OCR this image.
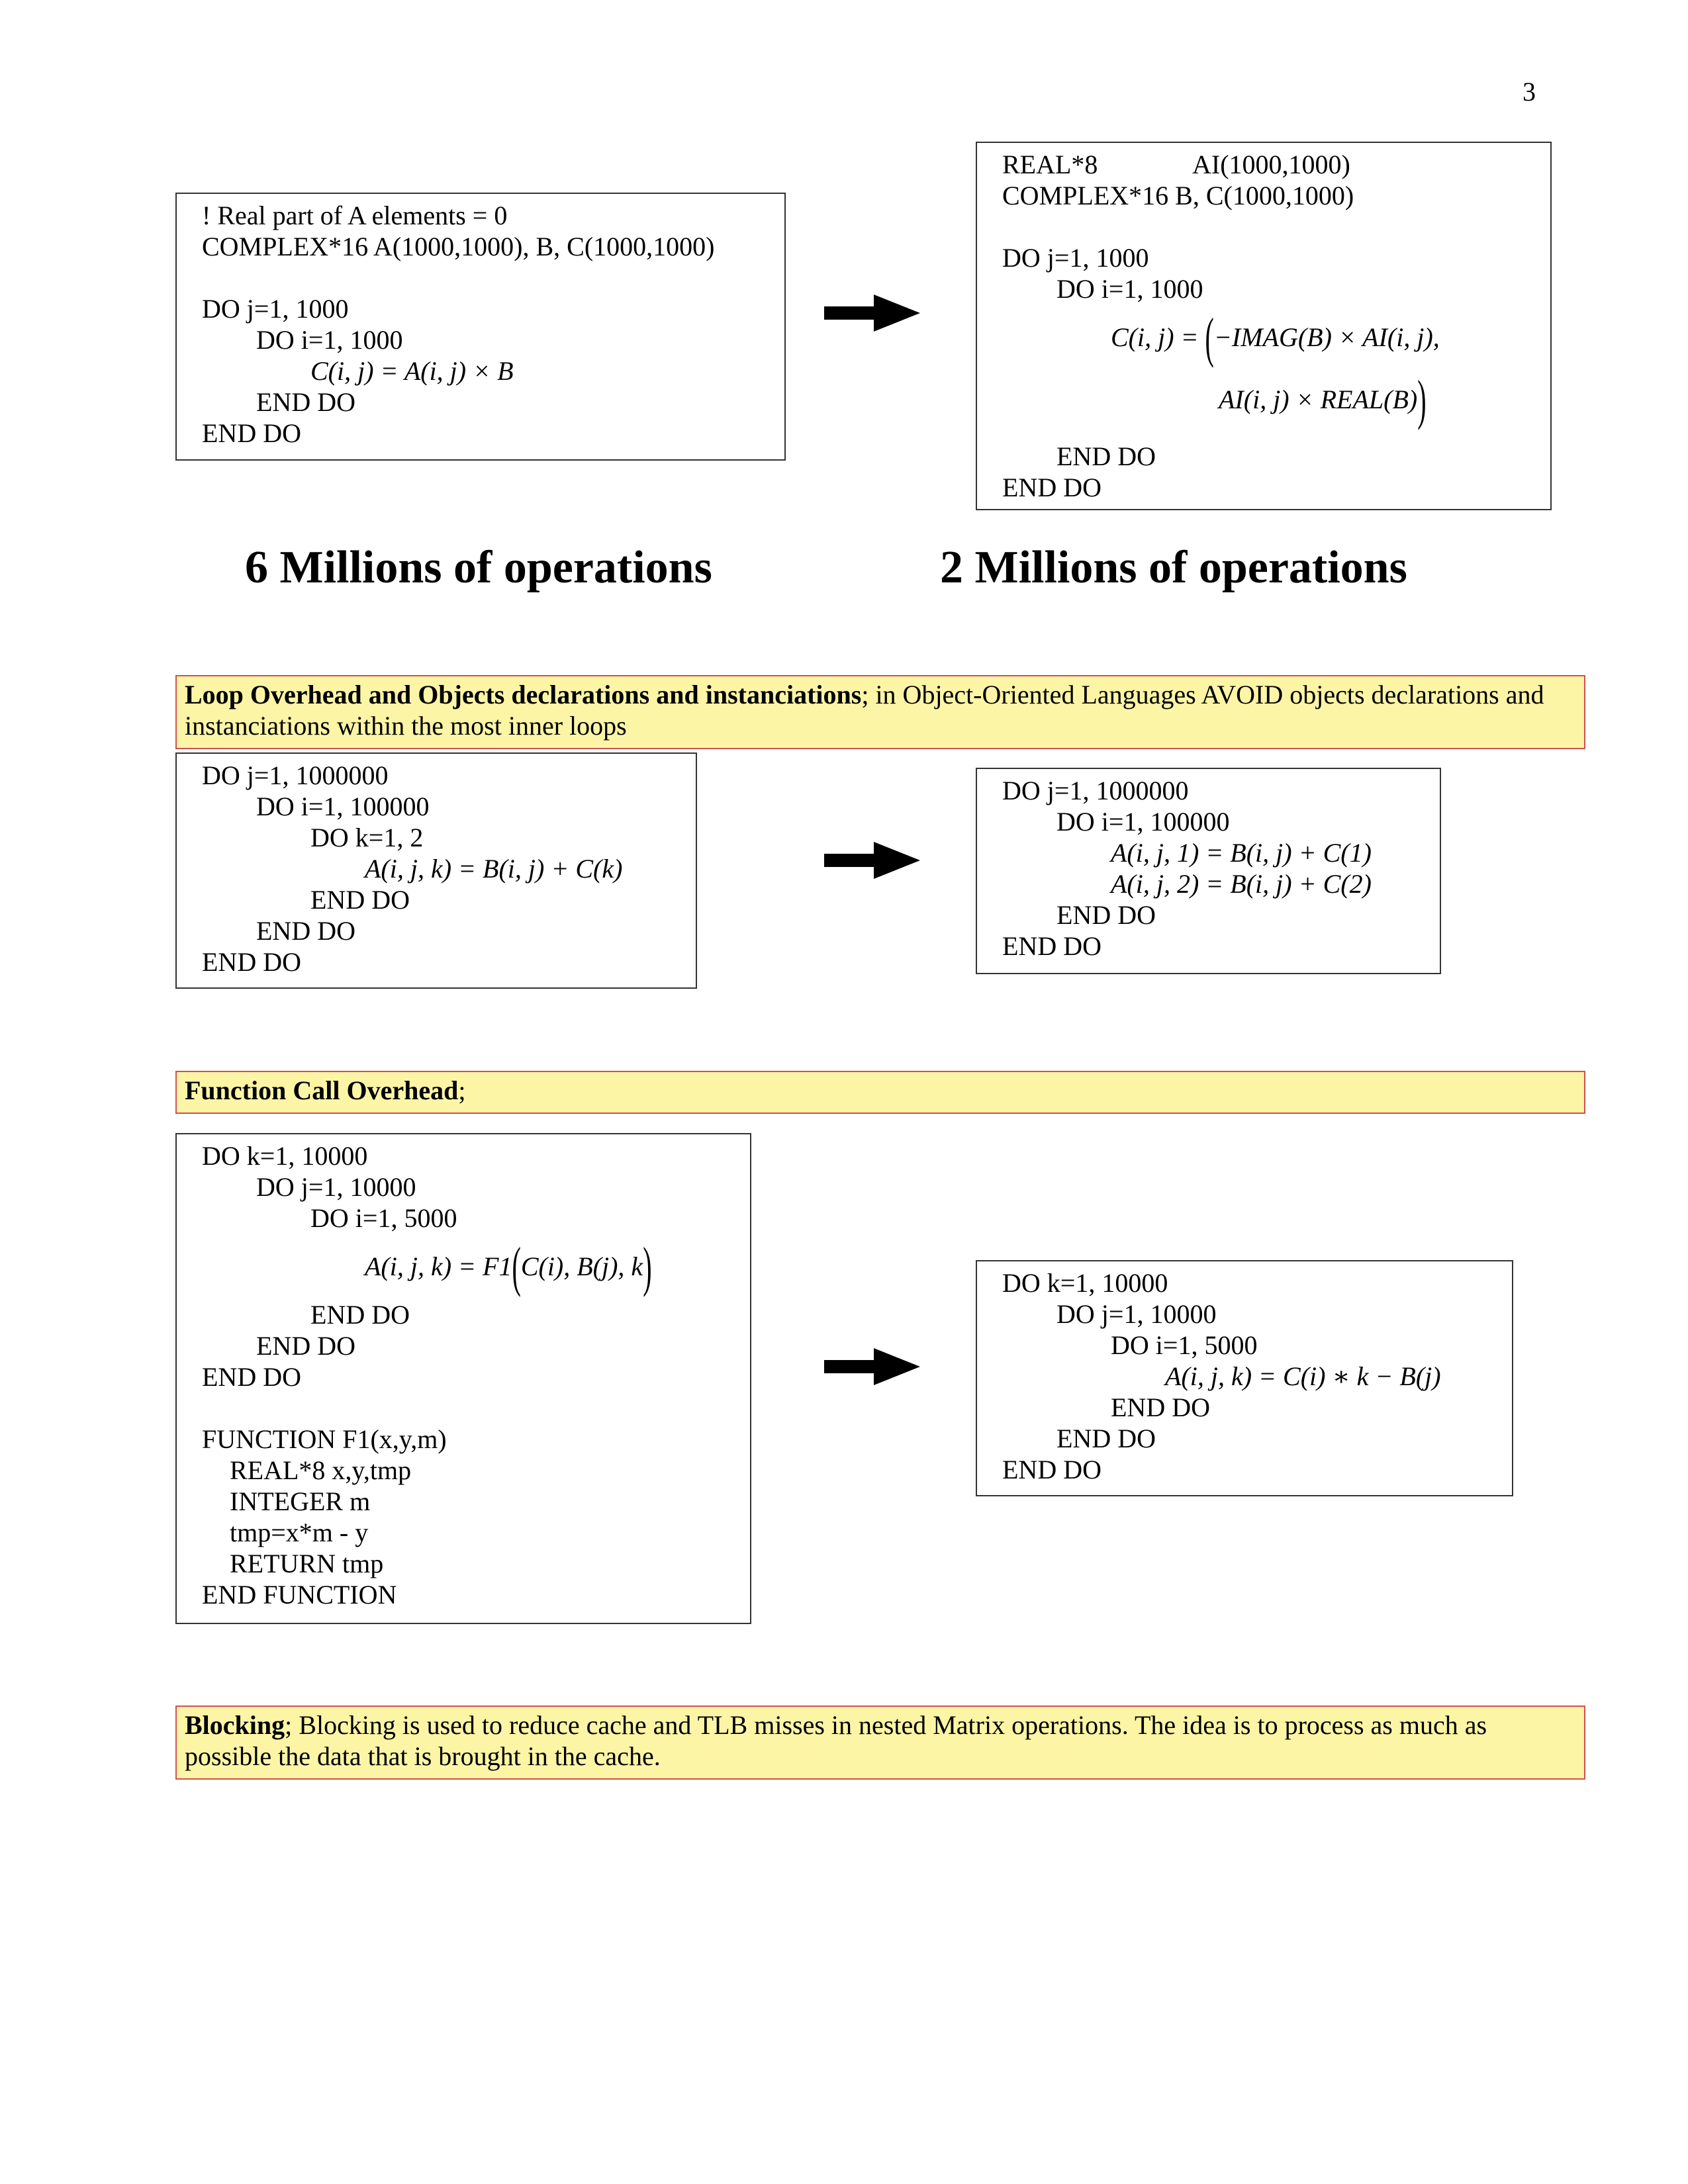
3
! Real part of A elements = 0
COMPLEX*16 A(1000,1000), B, C(1000,1000)
DO j=1, 1000
DO i=1, 1000
C(i, j) = A(i, j) × B
END DO
END DO
REAL*8	AI(1000,1000)
COMPLEX*16 B, C(1000,1000)
DO j=1, 1000
DO i=1, 1000
C(i, j) = (−IMAG(B) × AI(i, j),
AI(i, j) × REAL(B))
END DO
END DO
6 Millions of operations	2 Millions of operations
Loop Overhead and Objects declarations and instanciations; in Object-Oriented Languages AVOID objects declarations and instanciations within the most inner loops
DO j=1, 1000000
DO i=1, 100000
DO k=1, 2
A(i, j, k) = B(i, j) + C(k)
END DO
END DO
END DO
DO j=1, 1000000
DO i=1, 100000
A(i, j, 1) = B(i, j) + C(1)
A(i, j, 2) = B(i, j) + C(2)
END DO
END DO
Function Call Overhead;
DO k=1, 10000
DO j=1, 10000
DO i=1, 5000
A(i, j, k) = F1(C(i), B(j), k)
END DO
END DO
END DO
FUNCTION F1(x,y,m)
REAL*8 x,y,tmp
INTEGER m
tmp=x*m - y
RETURN tmp
END FUNCTION
DO k=1, 10000
DO j=1, 10000
DO i=1, 5000
A(i, j, k) = C(i) ∗ k − B(j)
END DO
END DO
END DO
Blocking; Blocking is used to reduce cache and TLB misses in nested Matrix operations. The idea is to process as much as possible the data that is brought in the cache.
